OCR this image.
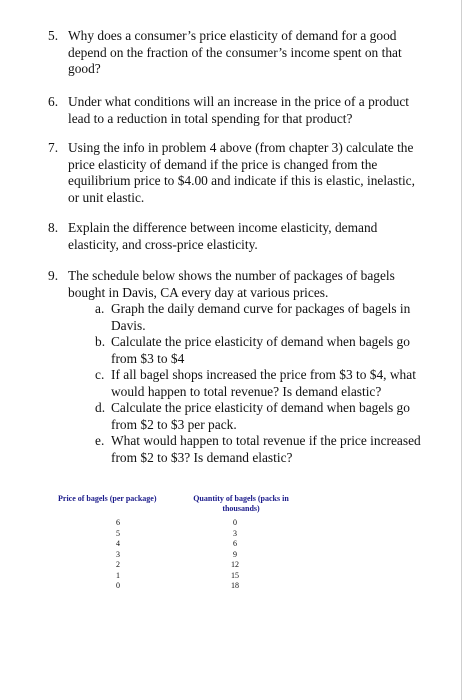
5. Why does a consumer’s price elasticity of demand for a good depend on the fraction of the consumer’s income spent on that good?
6. Under what conditions will an increase in the price of a product lead to a reduction in total spending for that product?
7. Using the info in problem 4 above (from chapter 3) calculate the price elasticity of demand if the price is changed from the equilibrium price to $4.00 and indicate if this is elastic, inelastic, or unit elastic.
8. Explain the difference between income elasticity, demand elasticity, and cross-price elasticity.
9. The schedule below shows the number of packages of bagels bought in Davis, CA every day at various prices.
a. Graph the daily demand curve for packages of bagels in Davis.
b. Calculate the price elasticity of demand when bagels go from $3 to $4
c. If all bagel shops increased the price from $3 to $4, what would happen to total revenue? Is demand elastic?
d. Calculate the price elasticity of demand when bagels go from $2 to $3 per pack.
e. What would happen to total revenue if the price increased from $2 to $3? Is demand elastic?
Price of bagels (per package)	Quantity of bagels (packs in thousands)
6
5
4
3
2
1
0
0
3
6
9
12
15
18
